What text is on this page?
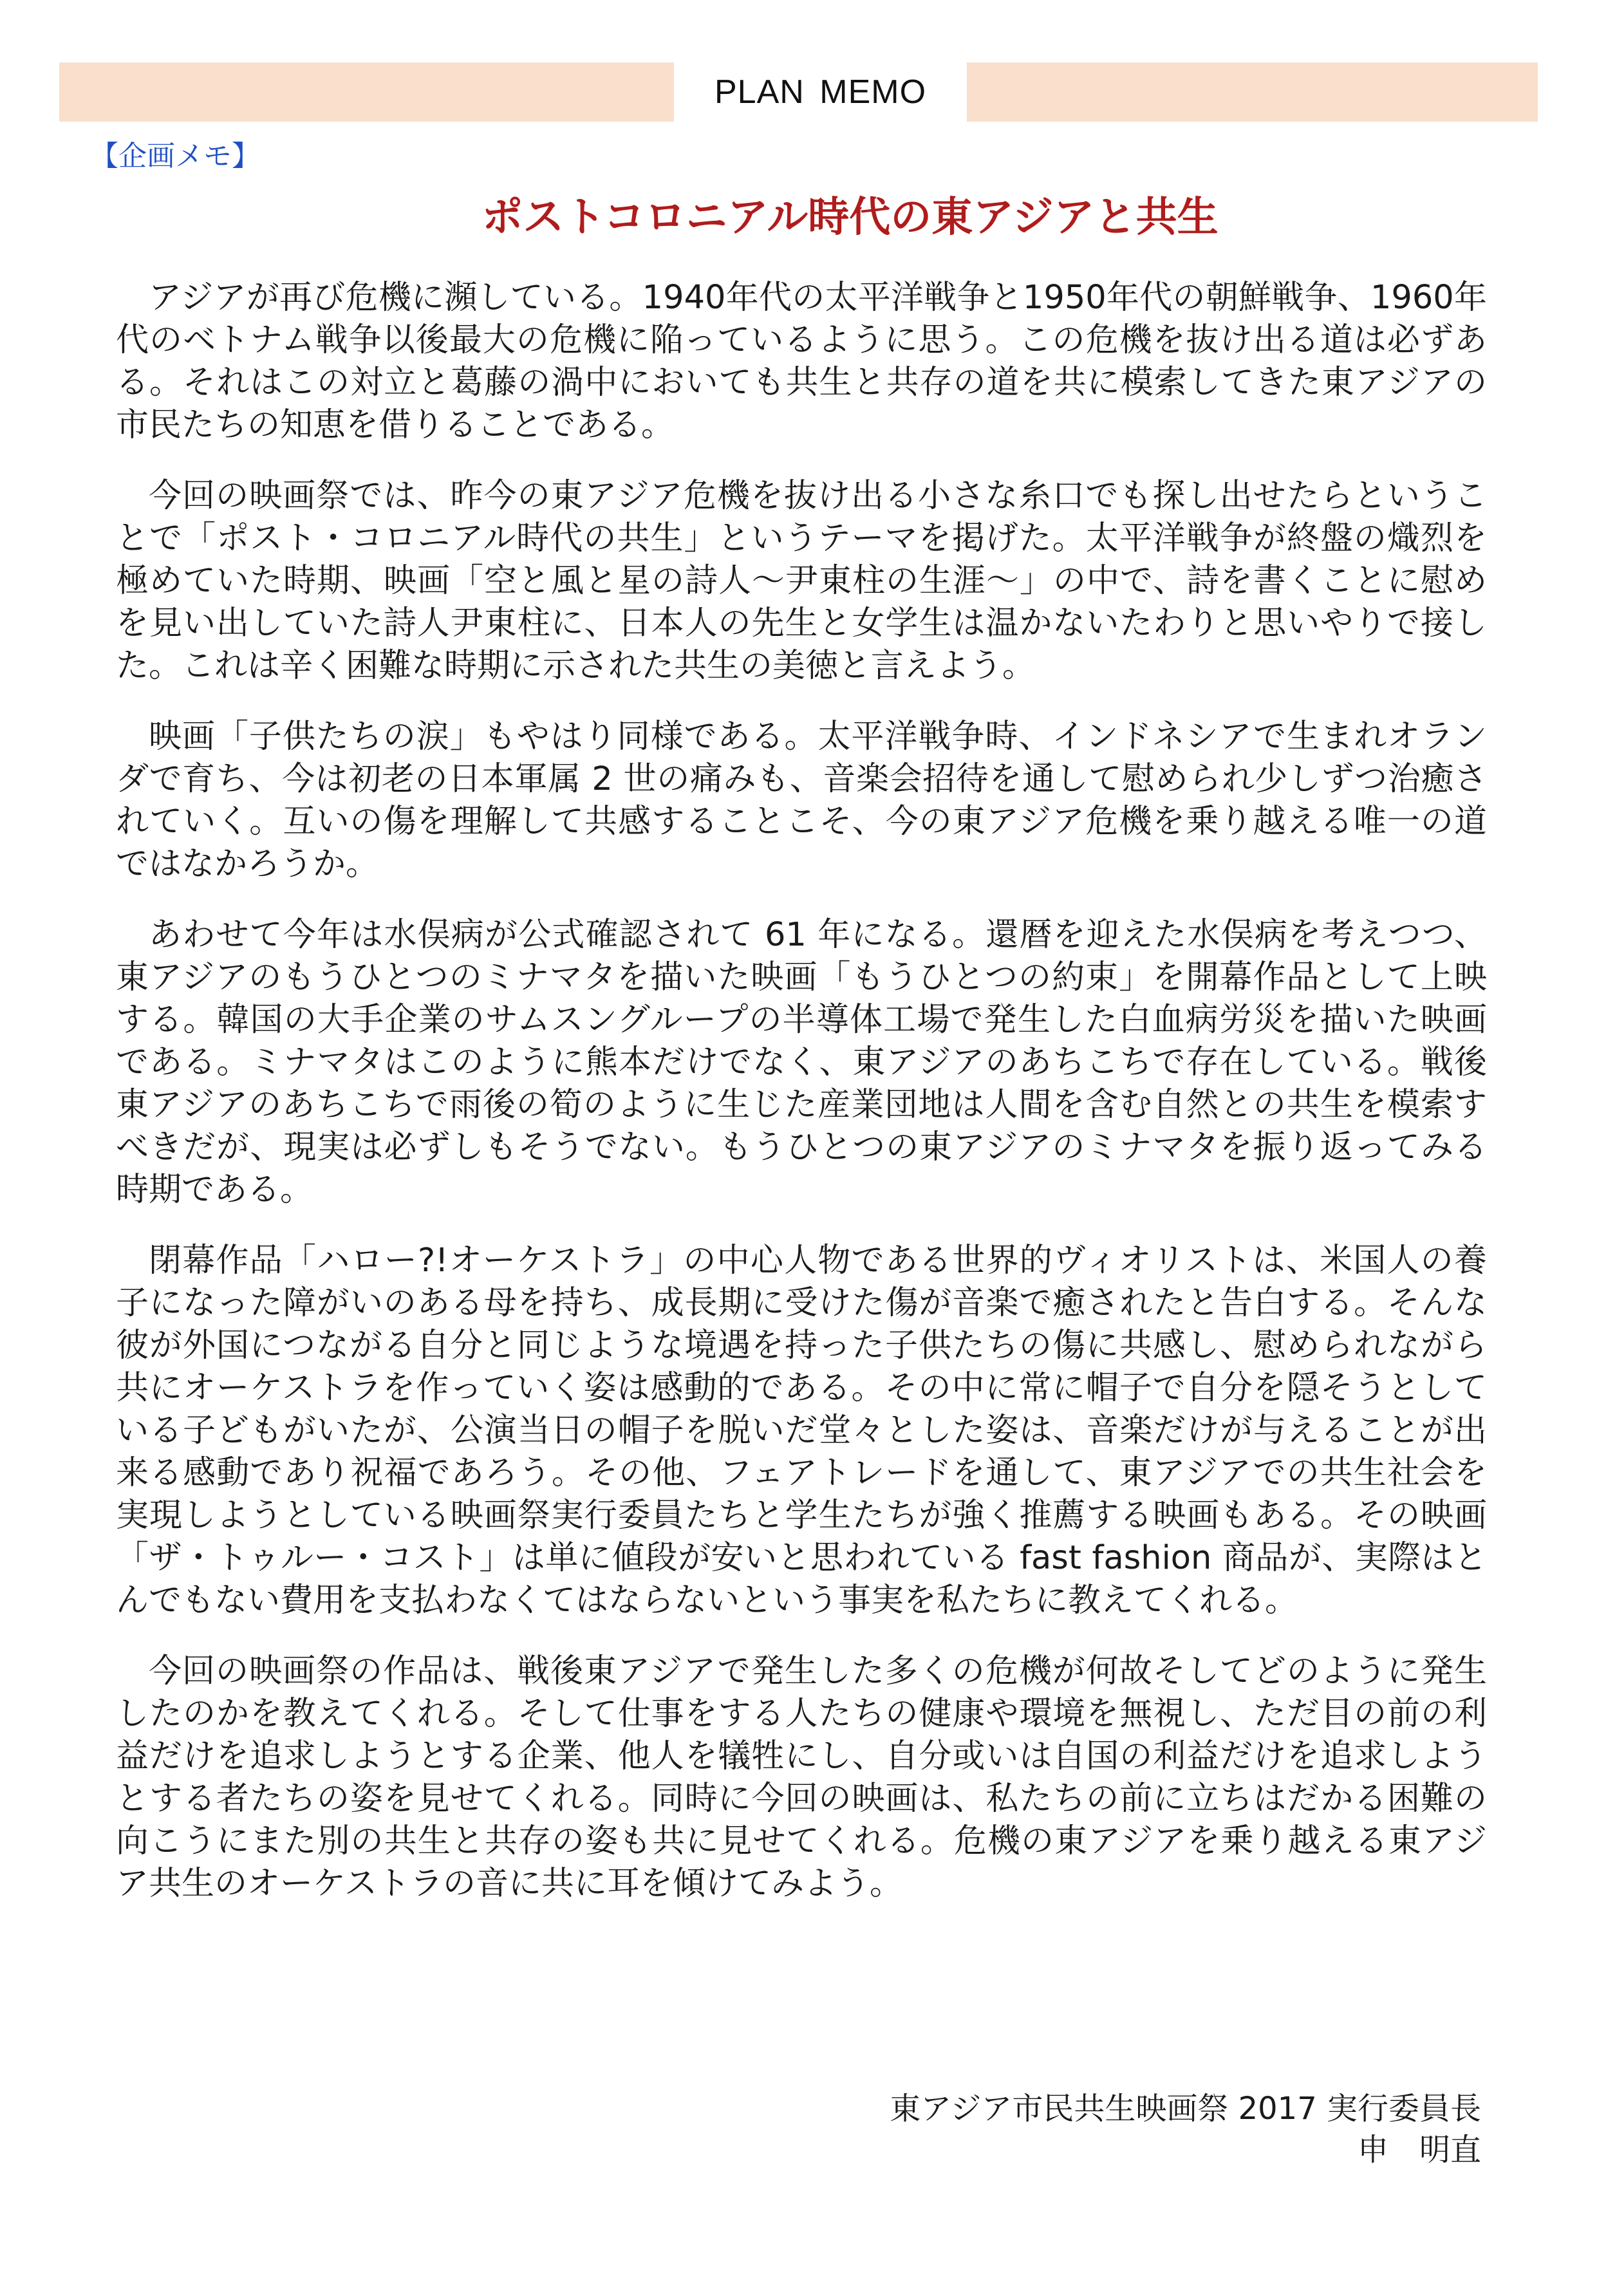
PLAN MEMO
【企画メモ】
ポストコロニアル時代の東アジアと共生

アジアが再び危機に瀕している。1940年代の太平洋戦争と1950年代の朝鮮戦争、1960年代のベトナム戦争以後最大の危機に陥っているように思う。この危機を抜け出る道は必ずある。それはこの対立と葛藤の渦中においても共生と共存の道を共に模索してきた東アジアの市民たちの知恵を借りることである。

今回の映画祭では、昨今の東アジア危機を抜け出る小さな糸口でも探し出せたらということで「ポスト・コロニアル時代の共生」というテーマを掲げた。太平洋戦争が終盤の熾烈を極めていた時期、映画「空と風と星の詩人～尹東柱の生涯～」の中で、詩を書くことに慰めを見い出していた詩人尹東柱に、日本人の先生と女学生は温かないたわりと思いやりで接した。これは辛く困難な時期に示された共生の美徳と言えよう。

映画「子供たちの涙」もやはり同様である。太平洋戦争時、インドネシアで生まれオランダで育ち、今は初老の日本軍属 2 世の痛みも、音楽会招待を通して慰められ少しずつ治癒されていく。互いの傷を理解して共感することこそ、今の東アジア危機を乗り越える唯一の道ではなかろうか。

あわせて今年は水俣病が公式確認されて 61 年になる。還暦を迎えた水俣病を考えつつ、東アジアのもうひとつのミナマタを描いた映画「もうひとつの約束」を開幕作品として上映する。韓国の大手企業のサムスングループの半導体工場で発生した白血病労災を描いた映画である。ミナマタはこのように熊本だけでなく、東アジアのあちこちで存在している。戦後東アジアのあちこちで雨後の筍のように生じた産業団地は人間を含む自然との共生を模索すべきだが、現実は必ずしもそうでない。もうひとつの東アジアのミナマタを振り返ってみる時期である。

閉幕作品「ハロー?!オーケストラ」の中心人物である世界的ヴィオリストは、米国人の養子になった障がいのある母を持ち、成長期に受けた傷が音楽で癒されたと告白する。そんな彼が外国につながる自分と同じような境遇を持った子供たちの傷に共感し、慰められながら共にオーケストラを作っていく姿は感動的である。その中に常に帽子で自分を隠そうとしている子どもがいたが、公演当日の帽子を脱いだ堂々とした姿は、音楽だけが与えることが出来る感動であり祝福であろう。その他、フェアトレードを通して、東アジアでの共生社会を実現しようとしている映画祭実行委員たちと学生たちが強く推薦する映画もある。その映画「ザ・トゥルー・コスト」は単に値段が安いと思われている fast fashion 商品が、実際はとんでもない費用を支払わなくてはならないという事実を私たちに教えてくれる。

今回の映画祭の作品は、戦後東アジアで発生した多くの危機が何故そしてどのように発生したのかを教えてくれる。そして仕事をする人たちの健康や環境を無視し、ただ目の前の利益だけを追求しようとする企業、他人を犠牲にし、自分或いは自国の利益だけを追求しようとする者たちの姿を見せてくれる。同時に今回の映画は、私たちの前に立ちはだかる困難の向こうにまた別の共生と共存の姿も共に見せてくれる。危機の東アジアを乗り越える東アジア共生のオーケストラの音に共に耳を傾けてみよう。

東アジア市民共生映画祭 2017 実行委員長
申　明直
